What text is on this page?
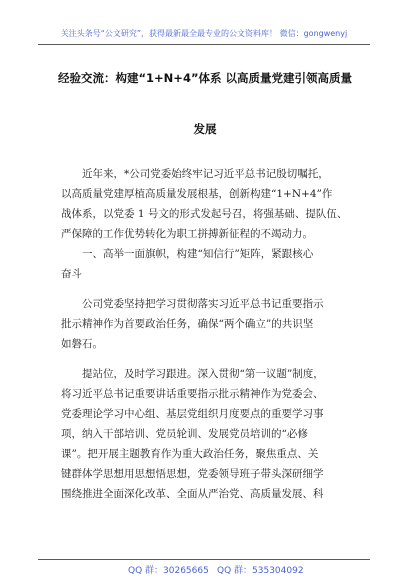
关注头条号“公文研究”，获得最新最全最专业的公文资料库！ 微信：gongwenyj
经验交流：构建“1+N+4”体系 以高质量党建引领高质量
发展

近年来，*公司党委始终牢记习近平总书记殷切嘱托，

以高质量党建厚植高质量发展根基，创新构建“1+N+4”作

战体系，以党委 1 号文的形式发起号召，将强基础、提队伍、

严保障的工作优势转化为职工拼搏新征程的不竭动力。

一、高举一面旗帜，构建“知信行”矩阵，紧跟核心

奋斗

公司党委坚持把学习贯彻落实习近平总书记重要指示

批示精神作为首要政治任务，确保“两个确立”的共识坚

如磐石。

提站位，及时学习跟进。深入贯彻“第一议题”制度，

将习近平总书记重要讲话重要指示批示精神作为党委会、

党委理论学习中心组、基层党组织月度要点的重要学习事

项，纳入干部培训、党员轮训、发展党员培训的“必修

课”。把开展主题教育作为重大政治任务，聚焦重点、关

键群体学思想用思想悟思想，党委领导班子带头深研细学

围绕推进全面深化改革、全面从严治党、高质量发展、科

QQ 群：30265665 QQ 群：535304092
